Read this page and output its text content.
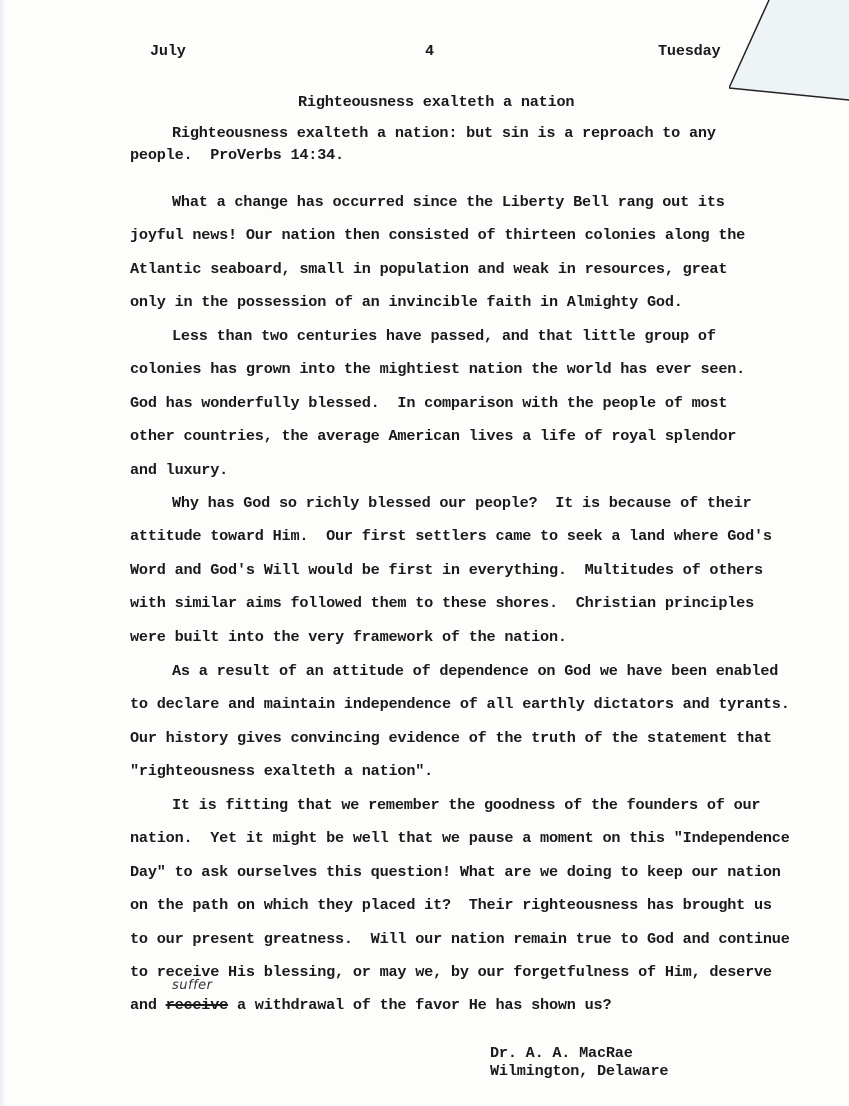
July	4	Tuesday
Righteousness exalteth a nation
Righteousness exalteth a nation: but sin is a reproach to any
people.  ProVerbs 14:34.
What a change has occurred since the Liberty Bell rang out its
joyful news! Our nation then consisted of thirteen colonies along the
Atlantic seaboard, small in population and weak in resources, great
only in the possession of an invincible faith in Almighty God.
Less than two centuries have passed, and that little group of
colonies has grown into the mightiest nation the world has ever seen.
God has wonderfully blessed.  In comparison with the people of most
other countries, the average American lives a life of royal splendor
and luxury.
Why has God so richly blessed our people?  It is because of their
attitude toward Him.  Our first settlers came to seek a land where God's
Word and God's Will would be first in everything.  Multitudes of others
with similar aims followed them to these shores.  Christian principles
were built into the very framework of the nation.
As a result of an attitude of dependence on God we have been enabled
to declare and maintain independence of all earthly dictators and tyrants.
Our history gives convincing evidence of the truth of the statement that
"righteousness exalteth a nation".
It is fitting that we remember the goodness of the founders of our
nation.  Yet it might be well that we pause a moment on this "Independence
Day" to ask ourselves this question! What are we doing to keep our nation
on the path on which they placed it?  Their righteousness has brought us
to our present greatness.  Will our nation remain true to God and continue
to receive His blessing, or may we, by our forgetfulness of Him, deserve
and receive a withdrawal of the favor He has shown us?
suffer
Dr. A. A. MacRae
Wilmington, Delaware
